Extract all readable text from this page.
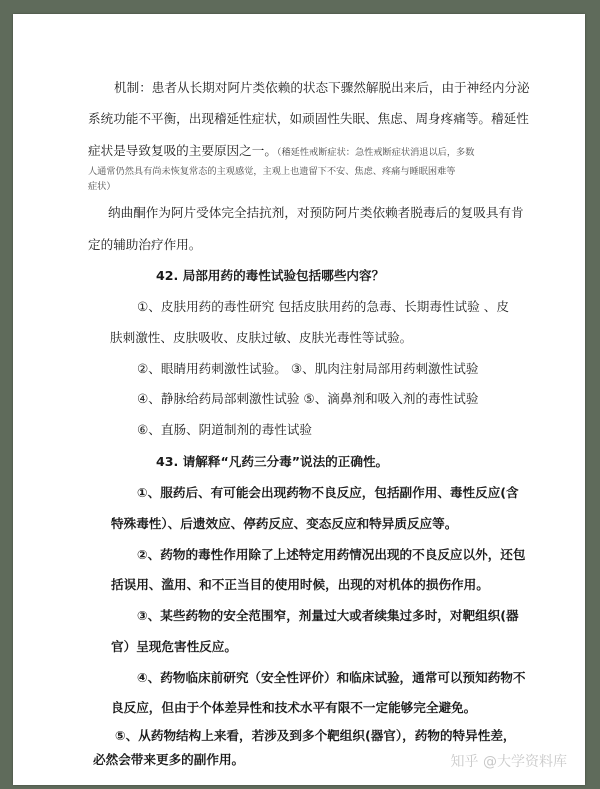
机制：患者从长期对阿片类依赖的状态下骤然解脱出来后，由于神经内分泌
系统功能不平衡，出现稽延性症状，如顽固性失眠、焦虑、周身疼痛等。稽延性
症状是导致复吸的主要原因之一。（稽延性戒断症状：急性戒断症状消退以后，多数
人通常仍然具有尚未恢复常态的主观感觉，主观上也遗留下不安、焦虑、疼痛与睡眠困难等
症状）
纳曲酮作为阿片受体完全拮抗剂，对预防阿片类依赖者脱毒后的复吸具有肯
定的辅助治疗作用。
42. 局部用药的毒性试验包括哪些内容？
①、皮肤用药的毒性研究 包括皮肤用药的急毒、长期毒性试验 、皮
肤刺激性、皮肤吸收、皮肤过敏、皮肤光毒性等试验。
②、眼睛用药刺激性试验。 ③、肌肉注射局部用药刺激性试验
④、静脉给药局部刺激性试验 ⑤、滴鼻剂和吸入剂的毒性试验
⑥、直肠、阴道制剂的毒性试验
43. 请解释“凡药三分毒”说法的正确性。
①、服药后、有可能会出现药物不良反应，包括副作用、毒性反应(含
特殊毒性）、后遗效应、停药反应、变态反应和特异质反应等。
②、药物的毒性作用除了上述特定用药情况出现的不良反应以外，还包
括误用、滥用、和不正当目的使用时候，出现的对机体的损伤作用。
③、某些药物的安全范围窄，剂量过大或者续集过多时，对靶组织(器
官）呈现危害性反应。
④、药物临床前研究（安全性评价）和临床试验，通常可以预知药物不
良反应，但由于个体差异性和技术水平有限不一定能够完全避免。
⑤、从药物结构上来看，若涉及到多个靶组织(器官），药物的特异性差，
必然会带来更多的副作用。	知乎 @大学资料库
